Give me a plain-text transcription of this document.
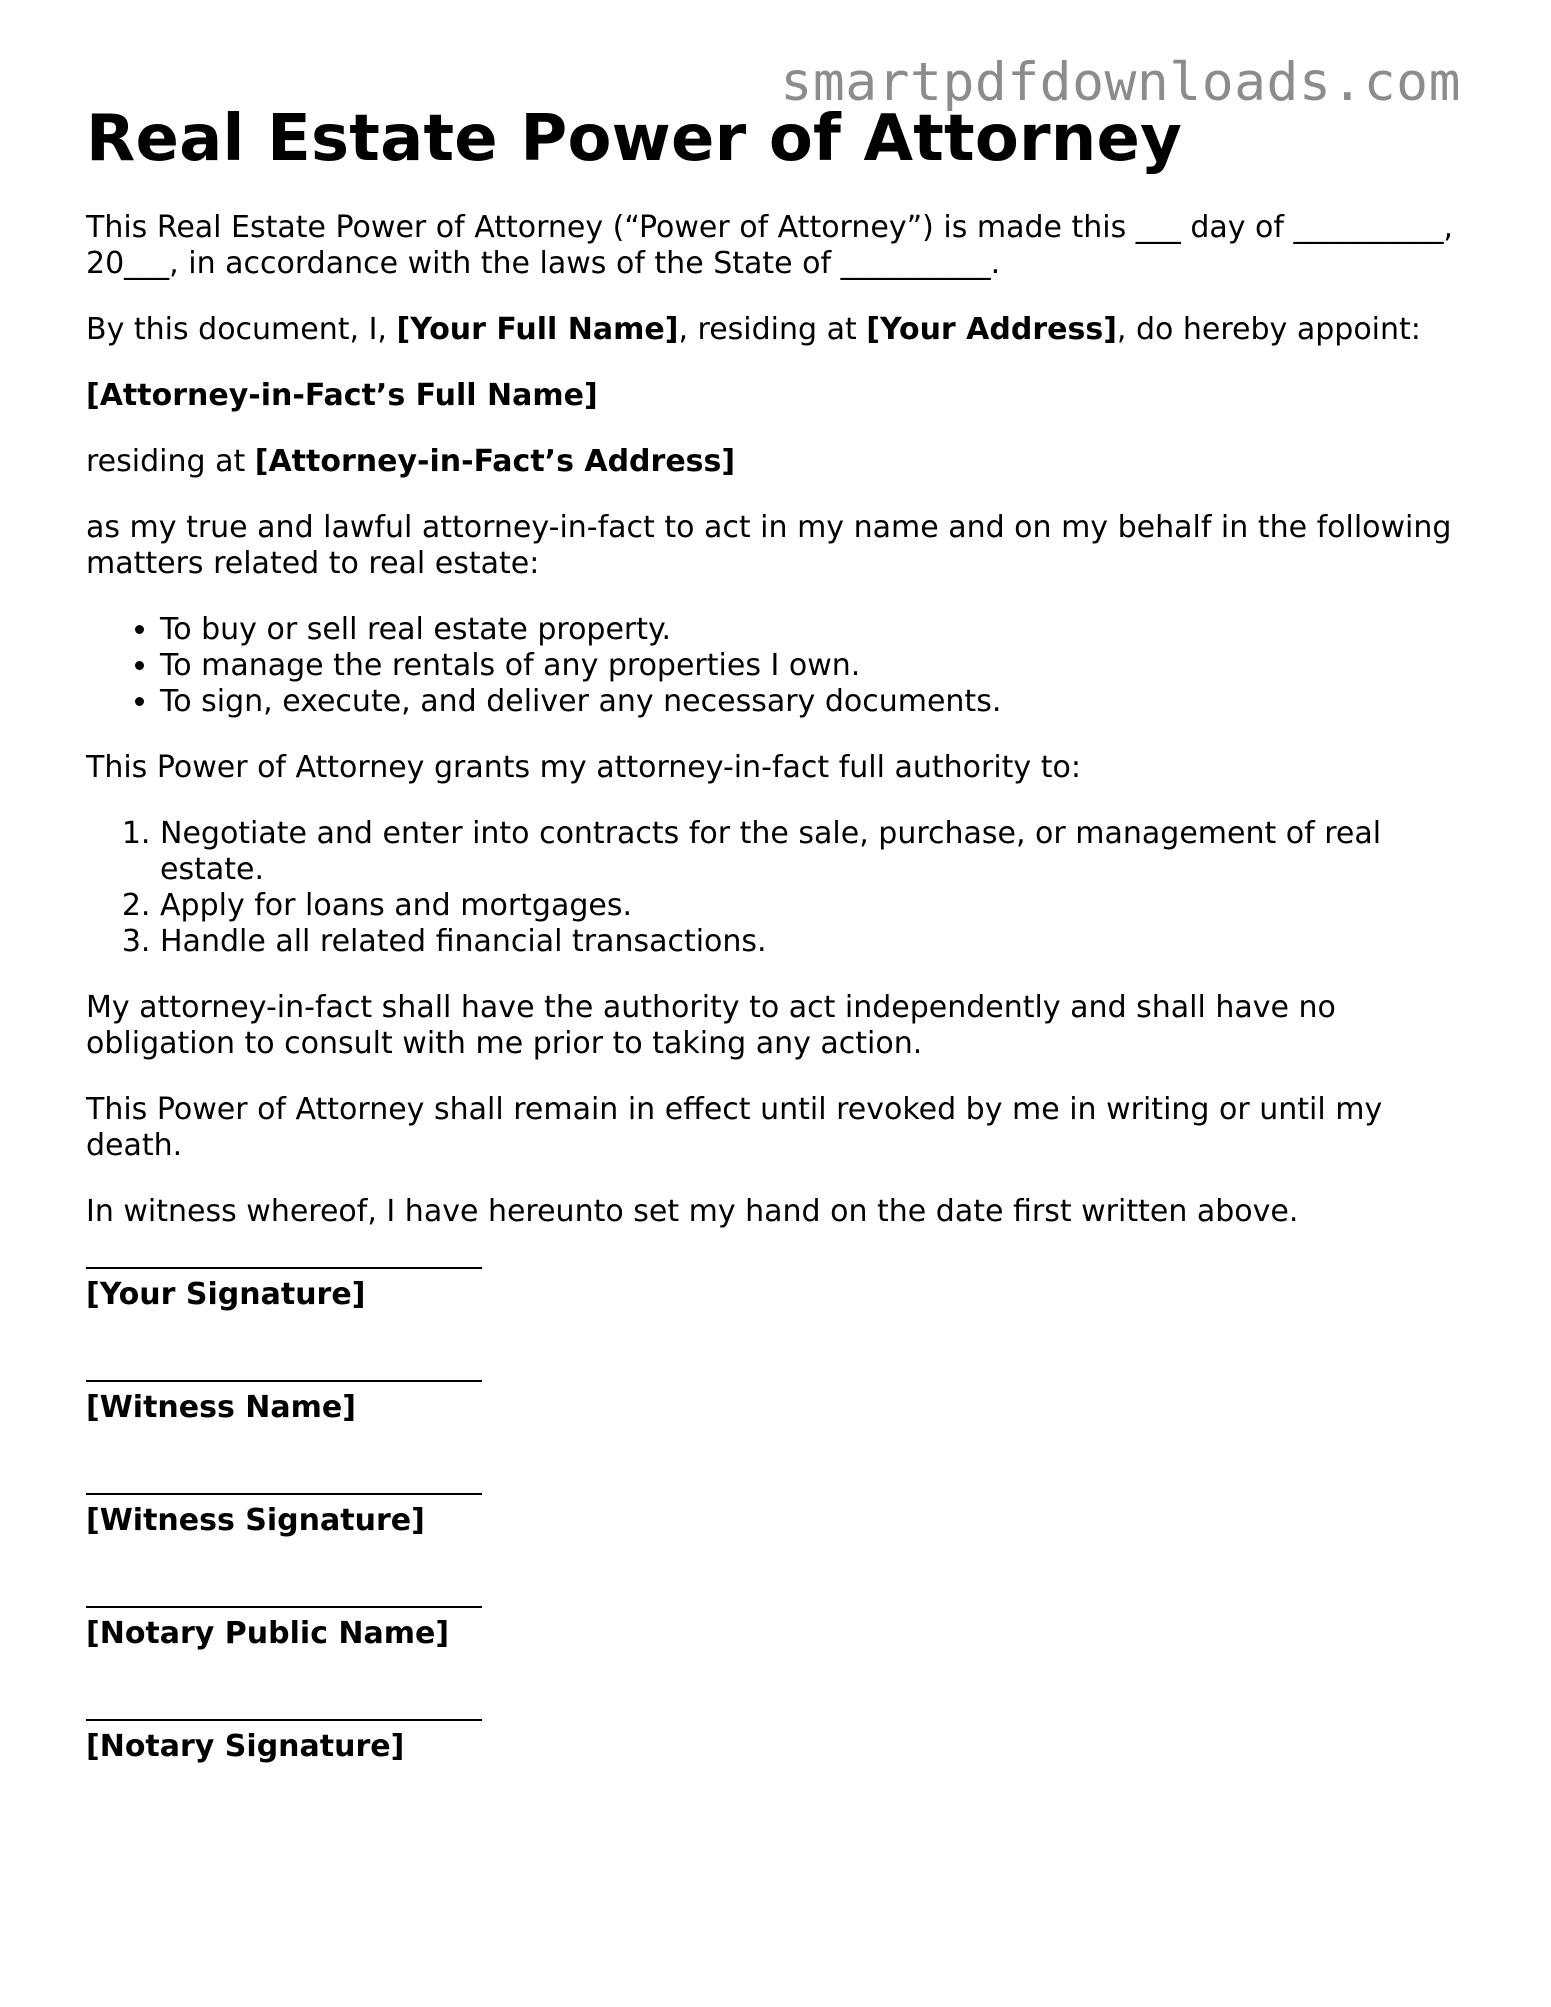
smartpdfdownloads.com
Real Estate Power of Attorney

This Real Estate Power of Attorney (“Power of Attorney”) is made this ___ day of __________, 20___, in accordance with the laws of the State of __________.

By this document, I, [Your Full Name], residing at [Your Address], do hereby appoint:

[Attorney-in-Fact’s Full Name]

residing at [Attorney-in-Fact’s Address]

as my true and lawful attorney-in-fact to act in my name and on my behalf in the following matters related to real estate:

• To buy or sell real estate property.
• To manage the rentals of any properties I own.
• To sign, execute, and deliver any necessary documents.

This Power of Attorney grants my attorney-in-fact full authority to:

1. Negotiate and enter into contracts for the sale, purchase, or management of real estate.
2. Apply for loans and mortgages.
3. Handle all related financial transactions.

My attorney-in-fact shall have the authority to act independently and shall have no obligation to consult with me prior to taking any action.

This Power of Attorney shall remain in effect until revoked by me in writing or until my death.

In witness whereof, I have hereunto set my hand on the date first written above.

[Your Signature]
[Witness Name]
[Witness Signature]
[Notary Public Name]
[Notary Signature]
